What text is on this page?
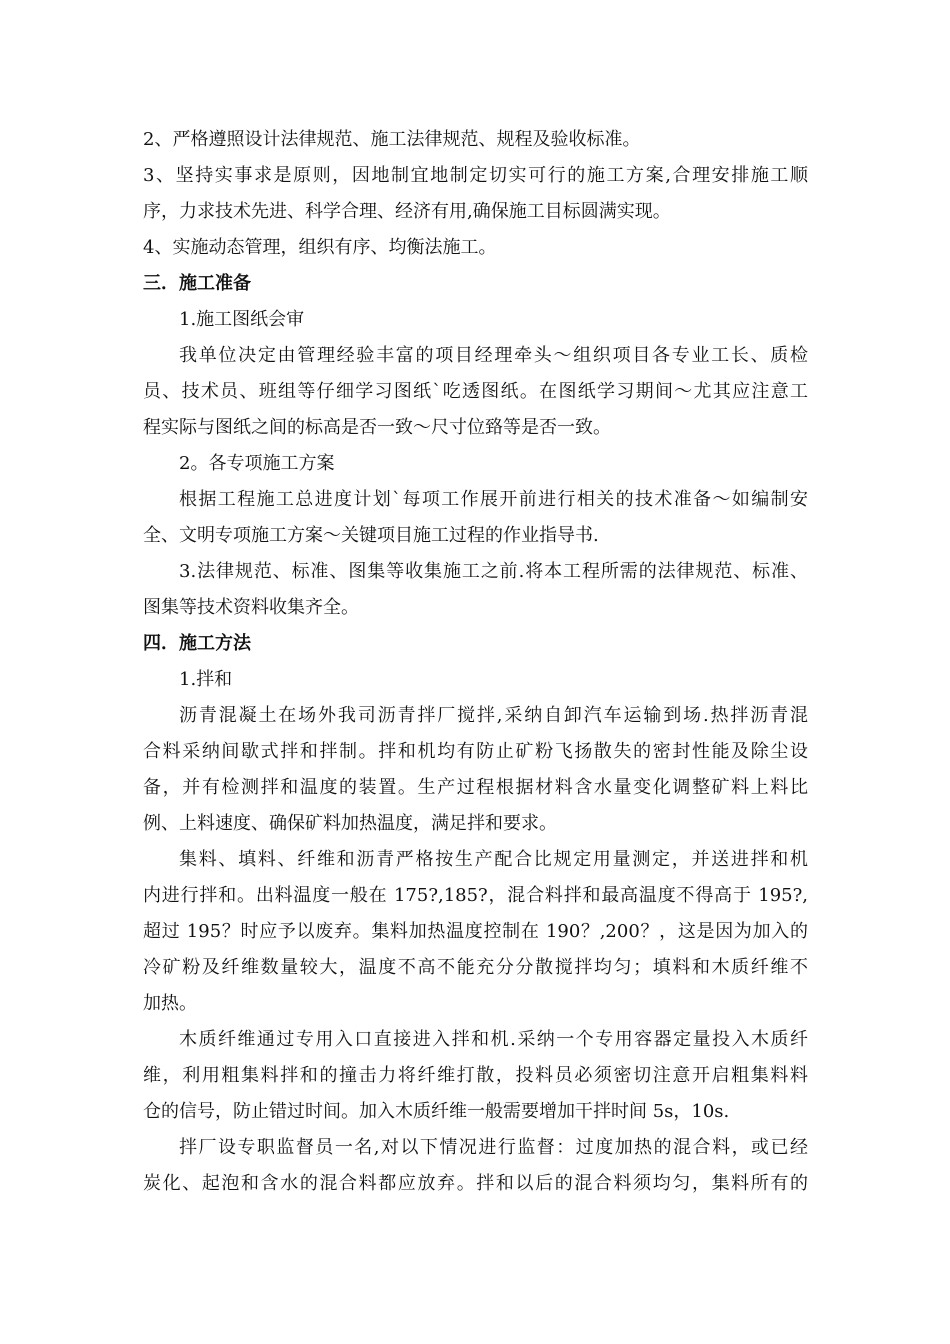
2、严格遵照设计法律规范、施工法律规范、规程及验收标准。
3、坚持实事求是原则，因地制宜地制定切实可行的施工方案,合理安排施工顺
序，力求技术先进、科学合理、经济有用,确保施工目标圆满实现。
4、实施动态管理，组织有序、均衡法施工。
三．施工准备
1.施工图纸会审
我单位决定由管理经验丰富的项目经理牵头～组织项目各专业工长、质检
员、技术员、班组等仔细学习图纸`吃透图纸。在图纸学习期间～尤其应注意工
程实际与图纸之间的标高是否一致～尺寸位臵等是否一致。
2。各专项施工方案
根据工程施工总进度计划`每项工作展开前进行相关的技术准备～如编制安
全、文明专项施工方案～关键项目施工过程的作业指导书.
3.法律规范、标准、图集等收集施工之前.将本工程所需的法律规范、标准、
图集等技术资料收集齐全。
四．施工方法
1.拌和
沥青混凝土在场外我司沥青拌厂搅拌,采纳自卸汽车运输到场.热拌沥青混
合料采纳间歇式拌和拌制。拌和机均有防止矿粉飞扬散失的密封性能及除尘设
备，并有检测拌和温度的装置。生产过程根据材料含水量变化调整矿料上料比
例、上料速度、确保矿料加热温度，满足拌和要求。
集料、填料、纤维和沥青严格按生产配合比规定用量测定，并送进拌和机
内进行拌和。出料温度一般在 175?,185?，混合料拌和最高温度不得高于 195?,
超过 195？时应予以废弃。集料加热温度控制在 190？,200？，这是因为加入的
冷矿粉及纤维数量较大，温度不高不能充分分散搅拌均匀；填料和木质纤维不
加热。
木质纤维通过专用入口直接进入拌和机.采纳一个专用容器定量投入木质纤
维，利用粗集料拌和的撞击力将纤维打散，投料员必须密切注意开启粗集料料
仓的信号，防止错过时间。加入木质纤维一般需要增加干拌时间 5s，10s.
拌厂设专职监督员一名,对以下情况进行监督：过度加热的混合料，或已经
炭化、起泡和含水的混合料都应放弃。拌和以后的混合料须均匀，集料所有的
